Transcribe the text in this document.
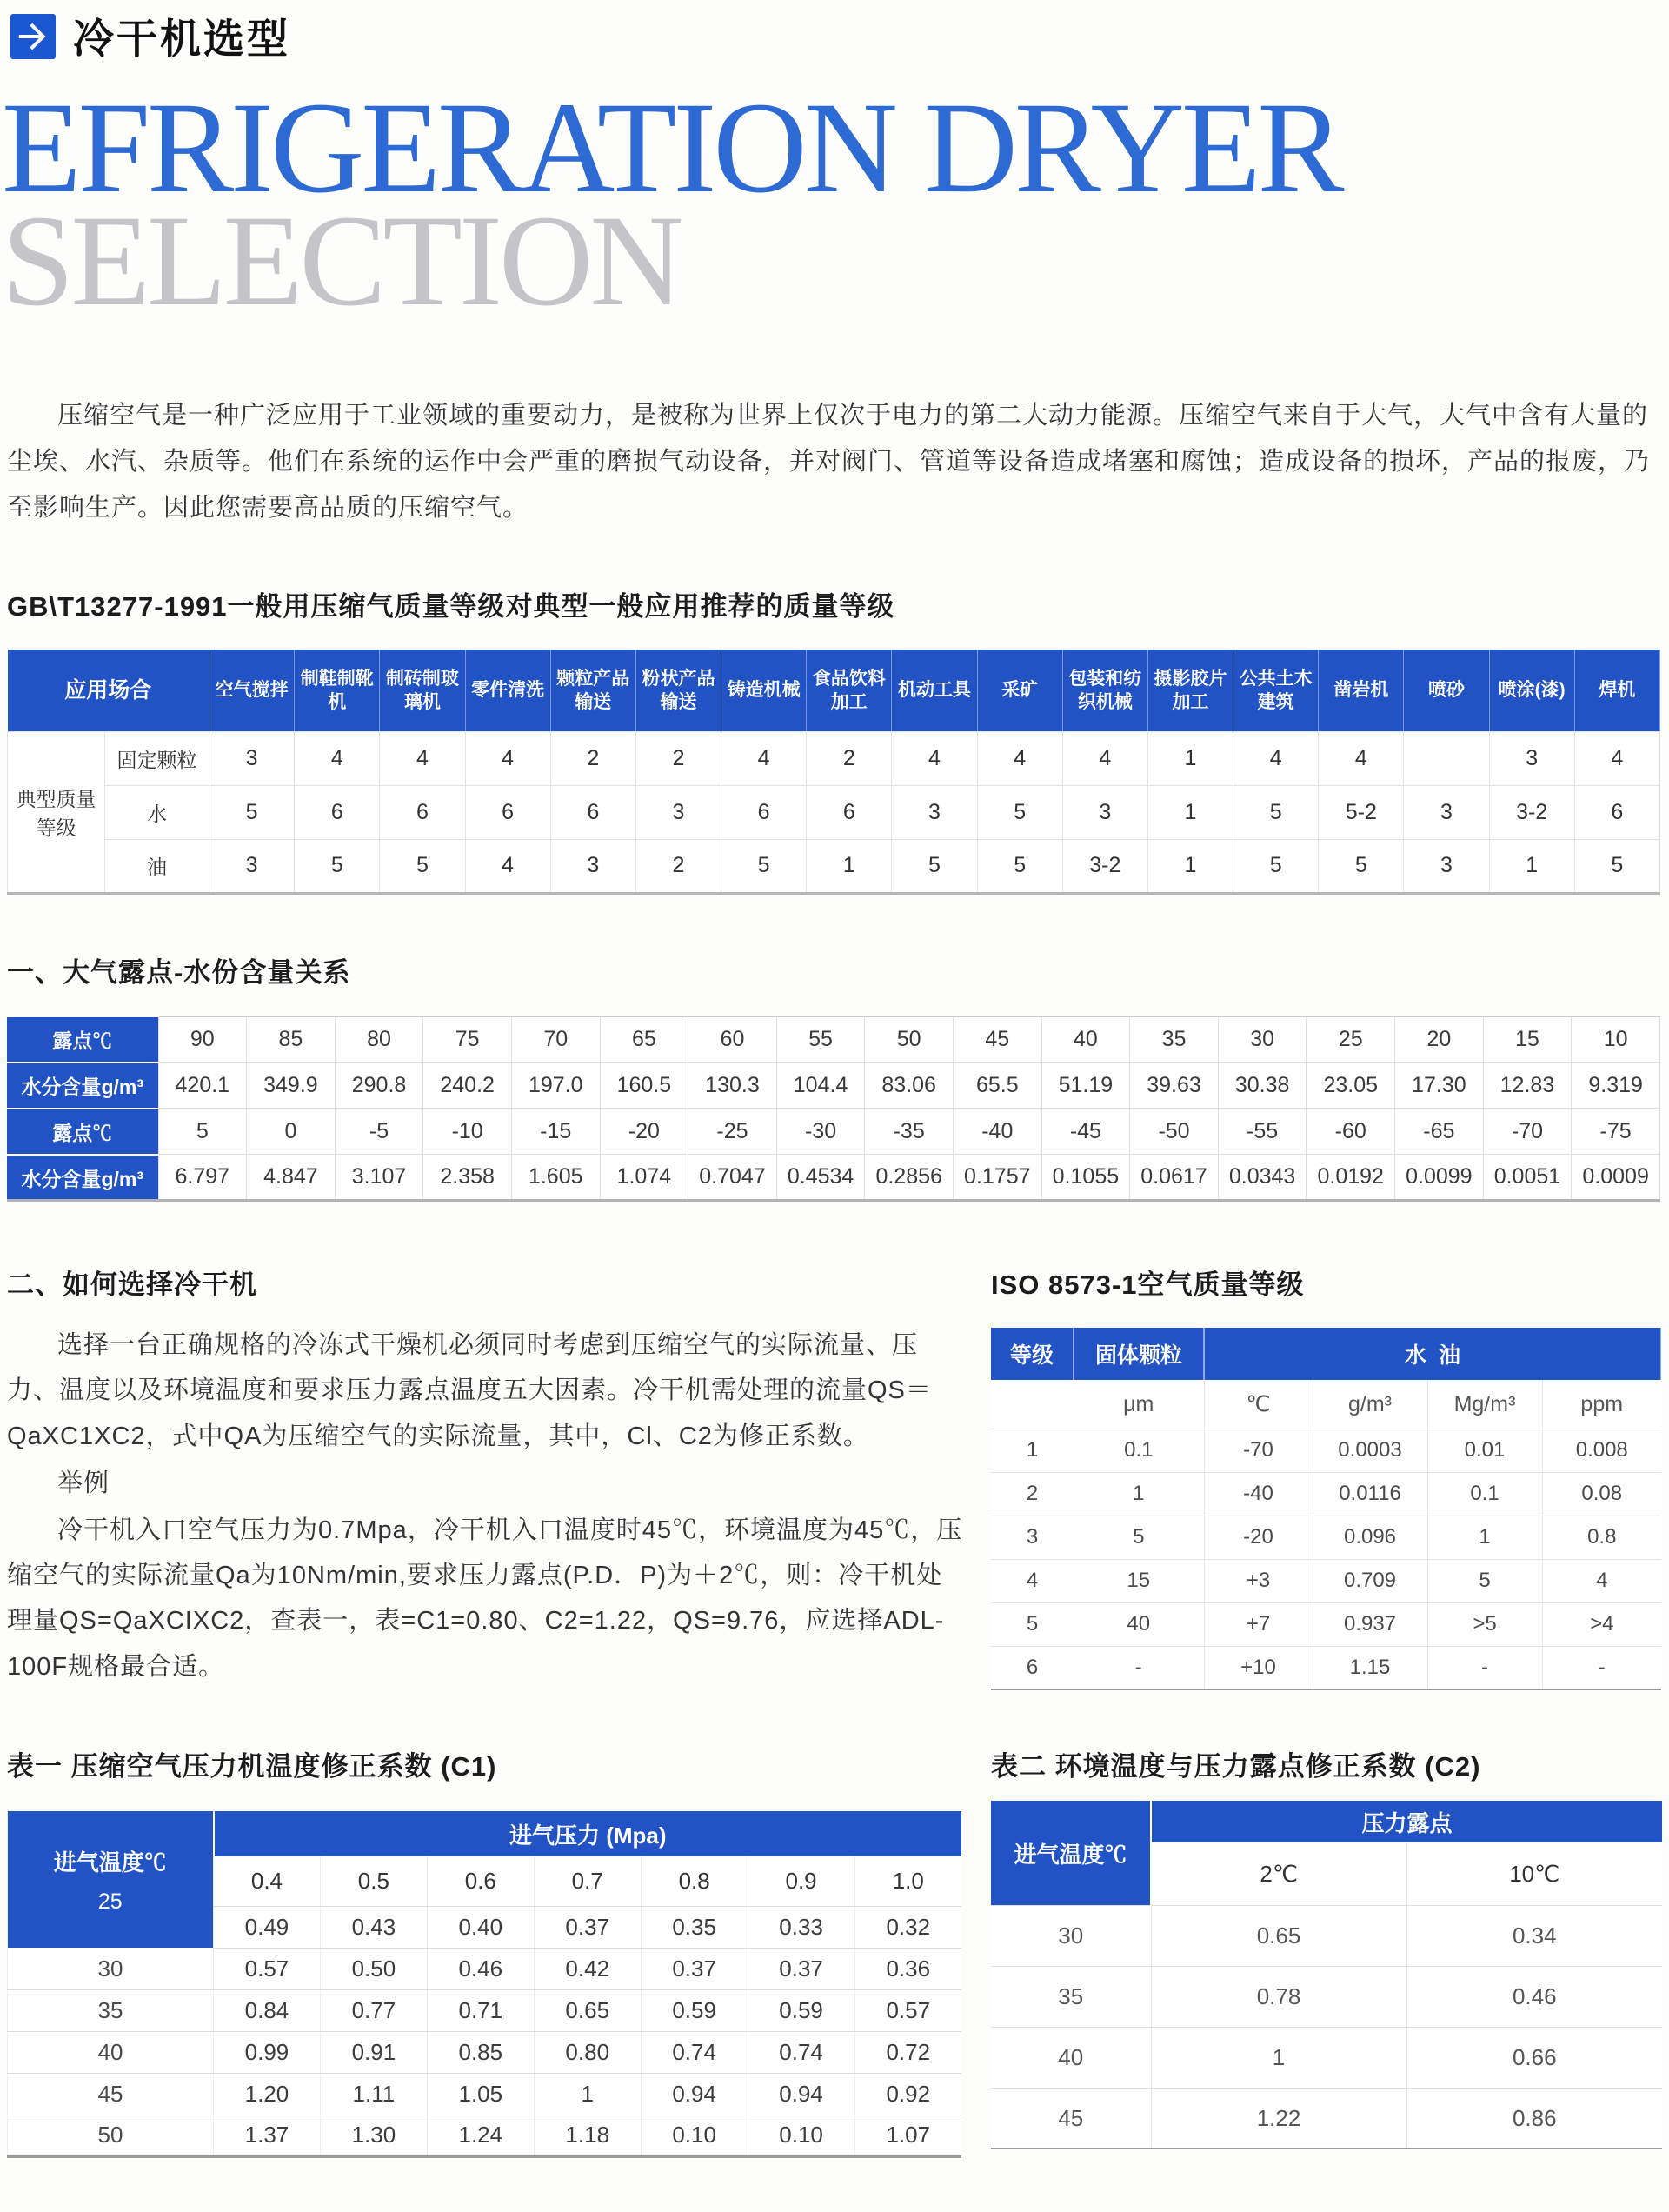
冷干机选型
EFRIGERATION DRYER
SELECTION

压缩空气是一种广泛应用于工业领域的重要动力，是被称为世界上仅次于电力的第二大动力能源。压缩空气来自于大气，大气中含有大量的尘埃、水汽、杂质等。他们在系统的运作中会严重的磨损气动设备，并对阀门、管道等设备造成堵塞和腐蚀；造成设备的损坏，产品的报废，乃至影响生产。因此您需要高品质的压缩空气。

GB\T13277-1991一般用压缩气质量等级对典型一般应用推荐的质量等级
应用场合		空气搅拌	制鞋制靴机	制砖制玻璃机	零件清洗	颗粒产品输送	粉状产品输送	铸造机械	食品饮料加工	机动工具	采矿	包装和纺织机械	摄影胶片加工	公共土木建筑	凿岩机	喷砂	喷涂(漆)	焊机
典型质量等级	固定颗粒	3	4	4	4	2	2	4	2	4	4	4	1	4	4		3	4
	水	5	6	6	6	6	3	6	6	3	5	3	1	5	5-2	3	3-2	6
	油	3	5	5	4	3	2	5	1	5	5	3-2	1	5	5	3	1	5
一、大气露点-水份含量关系
露点℃	90	85	80	75	70	65	60	55	50	45	40	35	30	25	20	15	10
水分含量g/m³	420.1	349.9	290.8	240.2	197.0	160.5	130.3	104.4	83.06	65.5	51.19	39.63	30.38	23.05	17.30	12.83	9.319
露点℃	5	0	-5	-10	-15	-20	-25	-30	-35	-40	-45	-50	-55	-60	-65	-70	-75
水分含量g/m³	6.797	4.847	3.107	2.358	1.605	1.074	0.7047	0.4534	0.2856	0.1757	0.1055	0.0617	0.0343	0.0192	0.0099	0.0051	0.0009
二、如何选择冷干机

选择一台正确规格的冷冻式干燥机必须同时考虑到压缩空气的实际流量、压力、温度以及环境温度和要求压力露点温度五大因素。冷干机需处理的流量QS＝QaXC1XC2，式中QA为压缩空气的实际流量，其中，Cl、C2为修正系数。

举例

冷干机入口空气压力为0.7Mpa，冷干机入口温度时45℃，环境温度为45℃，压缩空气的实际流量Qa为10Nm/min,要求压力露点(P.D．P)为＋2℃，则：冷干机处理量QS=QaXCIXC2，查表一，表=C1=0.80、C2=1.22，QS=9.76，应选择ADL-100F规格最合适。

ISO 8573-1空气质量等级
等级	固体颗粒	水  油			
	μm	℃	g/m³	Mg/m³	ppm
1	0.1	-70	0.0003	0.01	0.008
2	1	-40	0.0116	0.1	0.08
3	5	-20	0.096	1	0.8
4	15	+3	0.709	5	4
5	40	+7	0.937	>5	>4
6	-	+10	1.15	-	-
表一 压缩空气压力机温度修正系数 (C1)
进气温度℃
25	进气压力 (Mpa)						
	0.4	0.5	0.6	0.7	0.8	0.9	1.0
	0.49	0.43	0.40	0.37	0.35	0.33	0.32
30	0.57	0.50	0.46	0.42	0.37	0.37	0.36
35	0.84	0.77	0.71	0.65	0.59	0.59	0.57
40	0.99	0.91	0.85	0.80	0.74	0.74	0.72
45	1.20	1.11	1.05	1	0.94	0.94	0.92
50	1.37	1.30	1.24	1.18	0.10	0.10	1.07
表二 环境温度与压力露点修正系数 (C2)
进气温度℃	压力露点	
	2℃	10℃
30	0.65	0.34
35	0.78	0.46
40	1	0.66
45	1.22	0.86
